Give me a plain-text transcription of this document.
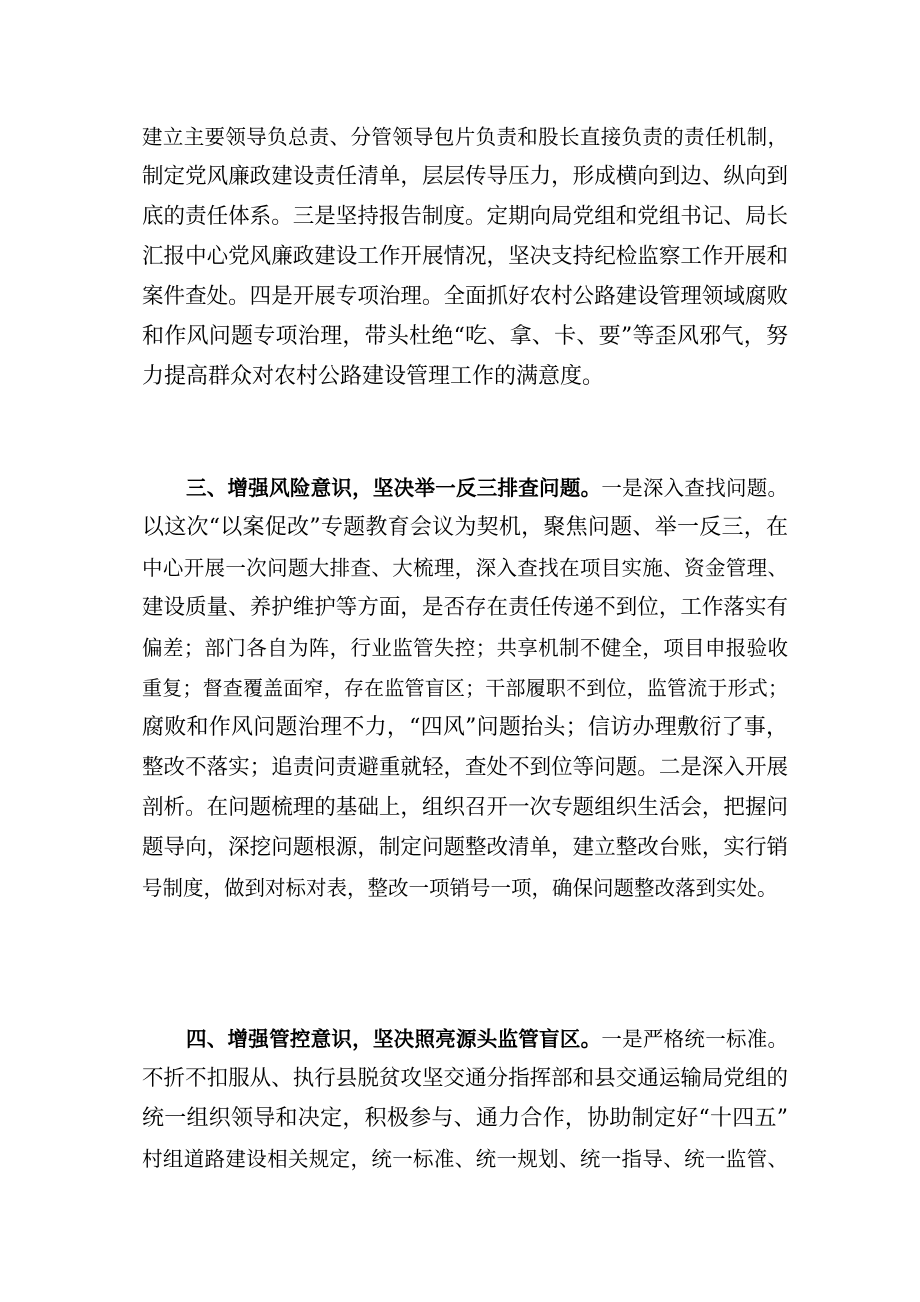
建立主要领导负总责、分管领导包片负责和股长直接负责的责任机制，
制定党风廉政建设责任清单，层层传导压力，形成横向到边、纵向到
底的责任体系。三是坚持报告制度。定期向局党组和党组书记、局长
汇报中心党风廉政建设工作开展情况，坚决支持纪检监察工作开展和
案件查处。四是开展专项治理。全面抓好农村公路建设管理领域腐败
和作风问题专项治理，带头杜绝“吃、拿、卡、要”等歪风邪气，努
力提高群众对农村公路建设管理工作的满意度。
三、增强风险意识，坚决举一反三排查问题。一是深入查找问题。
以这次“以案促改”专题教育会议为契机，聚焦问题、举一反三，在
中心开展一次问题大排查、大梳理，深入查找在项目实施、资金管理、
建设质量、养护维护等方面，是否存在责任传递不到位，工作落实有
偏差；部门各自为阵，行业监管失控；共享机制不健全，项目申报验收
重复；督查覆盖面窄，存在监管盲区；干部履职不到位，监管流于形式；
腐败和作风问题治理不力，“四风”问题抬头；信访办理敷衍了事，
整改不落实；追责问责避重就轻，查处不到位等问题。二是深入开展
剖析。在问题梳理的基础上，组织召开一次专题组织生活会，把握问
题导向，深挖问题根源，制定问题整改清单，建立整改台账，实行销
号制度，做到对标对表，整改一项销号一项，确保问题整改落到实处。
四、增强管控意识，坚决照亮源头监管盲区。一是严格统一标准。
不折不扣服从、执行县脱贫攻坚交通分指挥部和县交通运输局党组的
统一组织领导和决定，积极参与、通力合作，协助制定好“十四五”
村组道路建设相关规定，统一标准、统一规划、统一指导、统一监管、
